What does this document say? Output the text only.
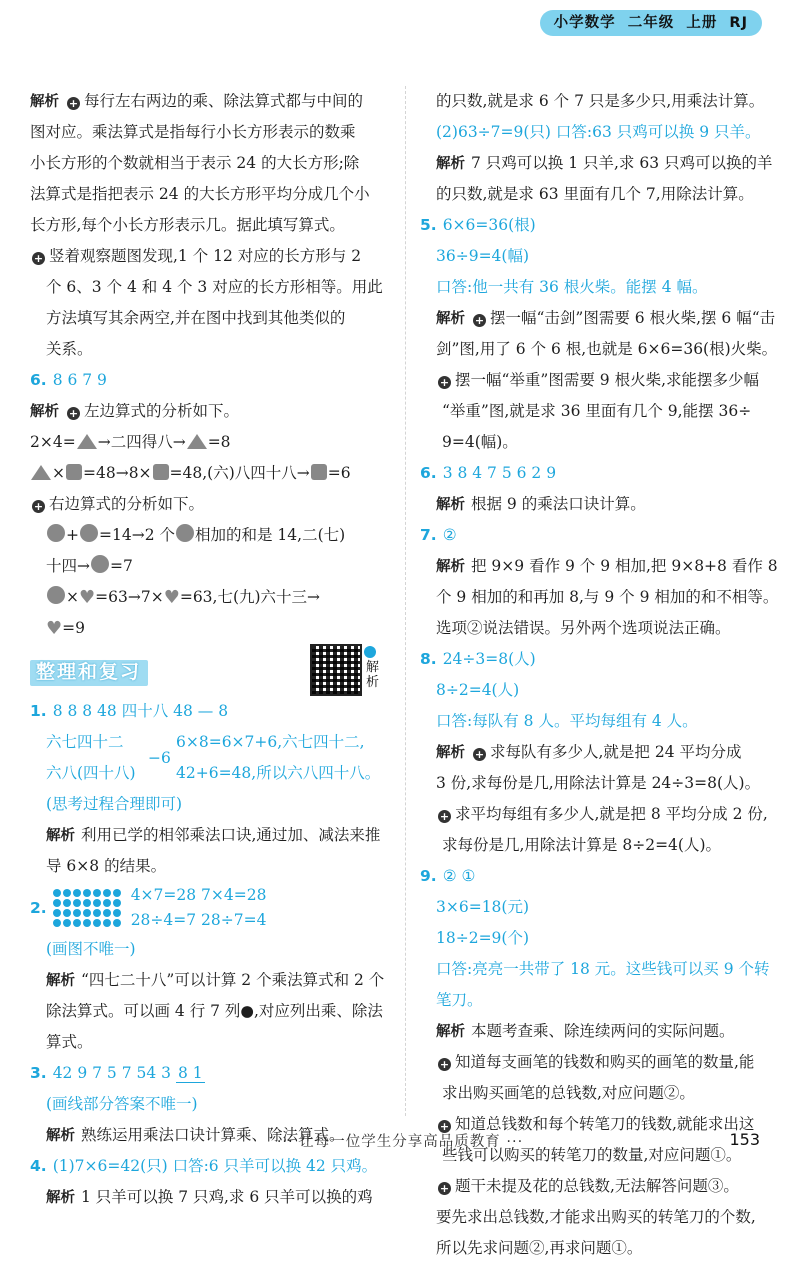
小学数学  二年级  上册  RJ
解析 + 每行左右两边的乘、除法算式都与中间的
图对应。乘法算式是指每行小长方形表示的数乘
小长方形的个数就相当于表示 24 的大长方形;除
法算式是指把表示 24 的大长方形平均分成几个小
长方形,每个小长方形表示几。据此填写算式。
+ 竖着观察题图发现,1 个 12 对应的长方形与 2
个 6、3 个 4 和 4 个 3 对应的长方形相等。用此
方法填写其余两空,并在图中找到其他类似的
关系。
6. 8 6 7 9
解析 + 左边算式的分析如下。
2×4= →二四得八→ =8
× =48→8× =48,(六)八四十八→ =6
+ 右边算式的分析如下。
+ =14→2 个 相加的和是 14,二(七)
十四→ =7
×♥=63→7×♥=63,七(九)六十三→
♥=9
整理和复习	解析
1. 8 8 8 48 四十八 48 — 8
六七四十二
六八(四十八)
−6
6×8=6×7+6,六七四十二,
42+6=48,所以六八四十八。
(思考过程合理即可)
解析 利用已学的相邻乘法口诀,通过加、减法来推
导 6×8 的结果。
2.
4×7=28 7×4=28
28÷4=7 28÷7=4
(画图不唯一)
解析 “四七二十八”可以计算 2 个乘法算式和 2 个
除法算式。可以画 4 行 7 列●,对应列出乘、除法
算式。
3. 42 9 7 5 7 54 3 8 1
(画线部分答案不唯一)
解析 熟练运用乘法口诀计算乘、除法算式。
4. (1)7×6=42(只) 口答:6 只羊可以换 42 只鸡。
解析 1 只羊可以换 7 只鸡,求 6 只羊可以换的鸡
的只数,就是求 6 个 7 只是多少只,用乘法计算。
(2)63÷7=9(只) 口答:63 只鸡可以换 9 只羊。
解析 7 只鸡可以换 1 只羊,求 63 只鸡可以换的羊
的只数,就是求 63 里面有几个 7,用除法计算。
5. 6×6=36(根)
36÷9=4(幅)
口答:他一共有 36 根火柴。能摆 4 幅。
解析 + 摆一幅“击剑”图需要 6 根火柴,摆 6 幅“击
剑”图,用了 6 个 6 根,也就是 6×6=36(根)火柴。
+ 摆一幅“举重”图需要 9 根火柴,求能摆多少幅
“举重”图,就是求 36 里面有几个 9,能摆 36÷
9=4(幅)。
6. 3 8 4 7 5 6 2 9
解析 根据 9 的乘法口诀计算。
7. ②
解析 把 9×9 看作 9 个 9 相加,把 9×8+8 看作 8
个 9 相加的和再加 8,与 9 个 9 相加的和不相等。
选项②说法错误。另外两个选项说法正确。
8. 24÷3=8(人)
8÷2=4(人)
口答:每队有 8 人。平均每组有 4 人。
解析 + 求每队有多少人,就是把 24 平均分成
3 份,求每份是几,用除法计算是 24÷3=8(人)。
+ 求平均每组有多少人,就是把 8 平均分成 2 份,
求每份是几,用除法计算是 8÷2=4(人)。
9. ② ①
3×6=18(元)
18÷2=9(个)
口答:亮亮一共带了 18 元。这些钱可以买 9 个转
笔刀。
解析 本题考查乘、除连续两问的实际问题。
+ 知道每支画笔的钱数和购买的画笔的数量,能
求出购买画笔的总钱数,对应问题②。
+ 知道总钱数和每个转笔刀的钱数,就能求出这
些钱可以购买的转笔刀的数量,对应问题①。
+ 题干未提及花的总钱数,无法解答问题③。
要先求出总钱数,才能求出购买的转笔刀的个数,
所以先求问题②,再求问题①。
··· 让每一位学生分享高品质教育 ···	153
